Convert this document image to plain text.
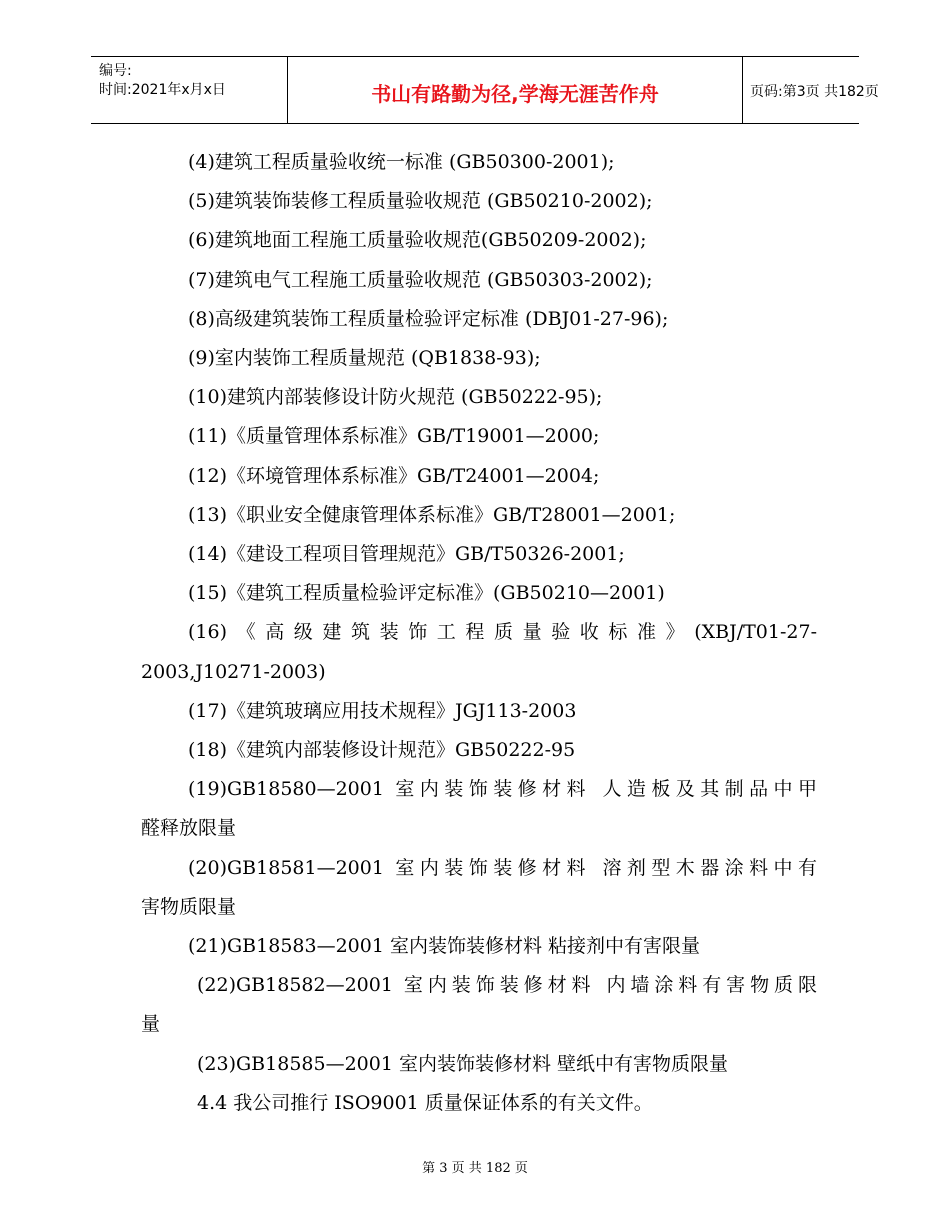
编号:
时间:2021年x月x日	书山有路勤为径,学海无涯苦作舟	页码:第3页 共182页

(4)建筑工程质量验收统一标准 (GB50300-2001);

(5)建筑装饰装修工程质量验收规范 (GB50210-2002);

(6)建筑地面工程施工质量验收规范(GB50209-2002);

(7)建筑电气工程施工质量验收规范 (GB50303-2002);

(8)高级建筑装饰工程质量检验评定标准 (DBJ01-27-96);

(9)室内装饰工程质量规范 (QB1838-93);

(10)建筑内部装修设计防火规范 (GB50222-95);

(11)《质量管理体系标准》GB/T19001—2000;

(12)《环境管理体系标准》GB/T24001—2004;

(13)《职业安全健康管理体系标准》GB/T28001—2001;

(14)《建设工程项目管理规范》GB/T50326-2001;

(15)《建筑工程质量检验评定标准》(GB50210—2001)

(16)《高级建筑装饰工程质量验收标准》(XBJ/T01-27-

2003,J10271-2003)

(17)《建筑玻璃应用技术规程》JGJ113-2003

(18)《建筑内部装修设计规范》GB50222-95

(19)GB18580—2001 室内装饰装修材料 人造板及其制品中甲

醛释放限量

(20)GB18581—2001 室内装饰装修材料 溶剂型木器涂料中有

害物质限量

(21)GB18583—2001 室内装饰装修材料 粘接剂中有害限量

(22)GB18582—2001 室内装饰装修材料 内墙涂料有害物质限

量

(23)GB18585—2001 室内装饰装修材料 壁纸中有害物质限量

4.4 我公司推行 ISO9001 质量保证体系的有关文件。

第 3 页 共 182 页
